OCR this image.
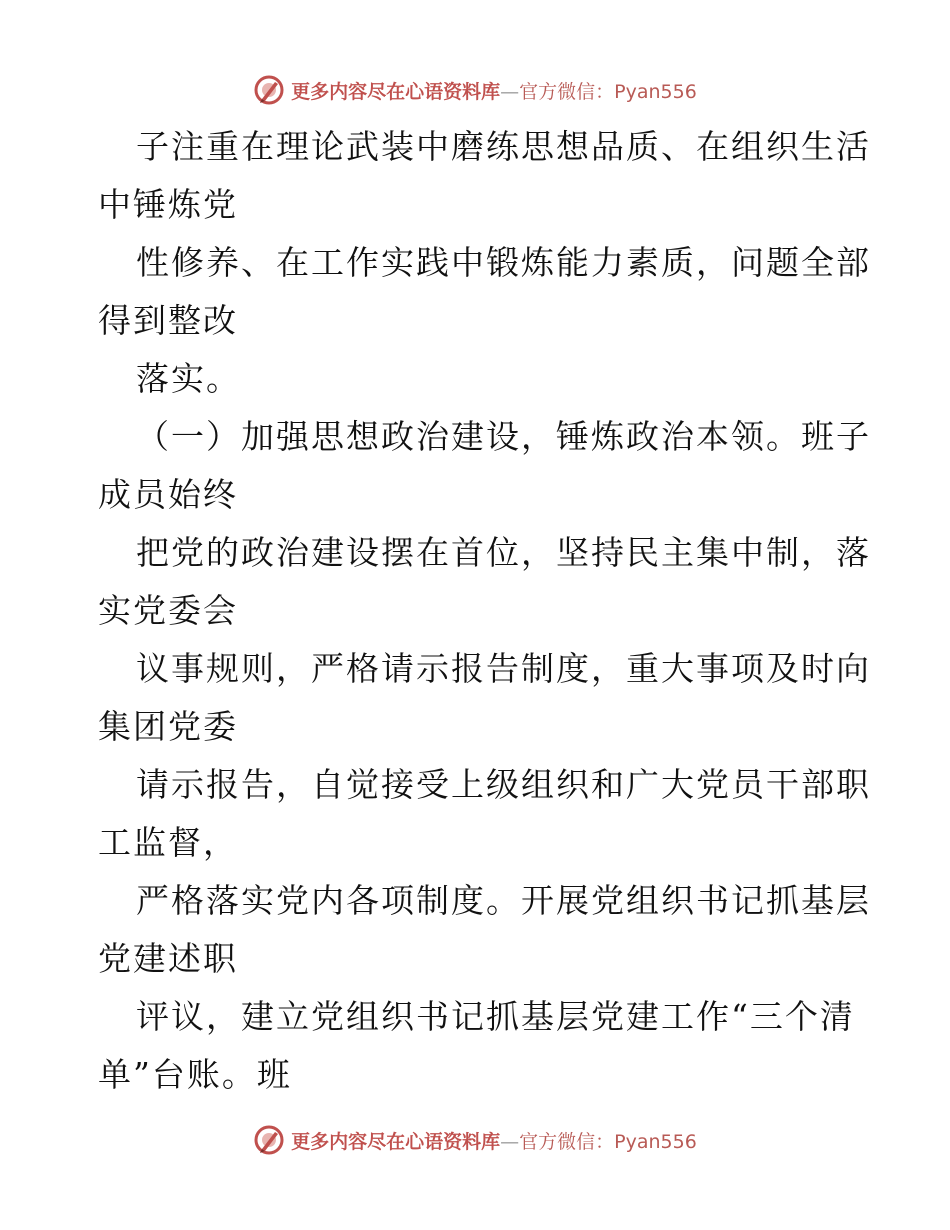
更多内容尽在心语资料库—官方微信：Pyan556
子注重在理论武装中磨练思想品质、在组织生活
中锤炼党
性修养、在工作实践中锻炼能力素质，问题全部
得到整改
落实。
（一）加强思想政治建设，锤炼政治本领。班子
成员始终
把党的政治建设摆在首位，坚持民主集中制，落
实党委会
议事规则，严格请示报告制度，重大事项及时向
集团党委
请示报告，自觉接受上级组织和广大党员干部职
工监督，
严格落实党内各项制度。开展党组织书记抓基层
党建述职
评议，建立党组织书记抓基层党建工作“三个清
单”台账。班
更多内容尽在心语资料库—官方微信：Pyan556
